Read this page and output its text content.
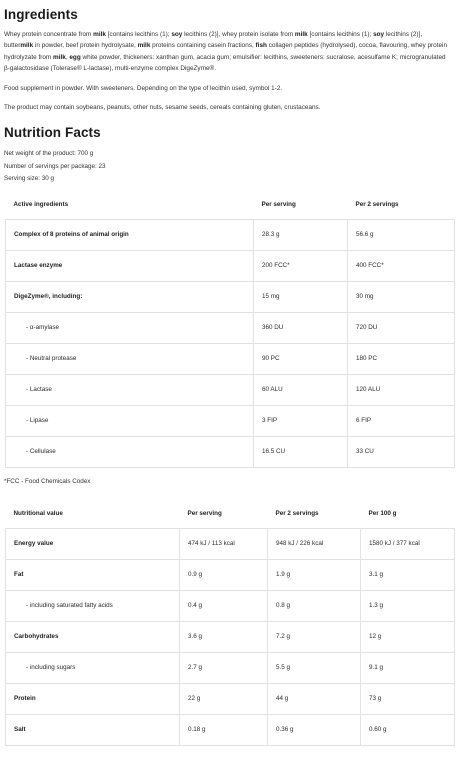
Ingredients

Whey protein concentrate from milk [contains lecithins (1); soy lecithins (2)], whey protein isolate from milk [contains lecithins (1); soy lecithins (2)], buttermilk in powder, beef protein hydrolysate, milk proteins containing casein fractions, fish collagen peptides (hydrolysed), cocoa, flavouring, whey protein hydrolyzate from milk, egg white powder, thickeners: xanthan gum, acacia gum; emulsifier: lecithins, sweeteners: sucralose, acesulfame K; microgranulated β-galactosidase (Tolerase® L-lactase), multi-enzyme complex DigeZyme®.

Food supplement in powder. With sweeteners. Depending on the type of lecithin used, symbol 1-2.

The product may contain soybeans, peanuts, other nuts, sesame seeds, cereals containing gluten, crustaceans.

Nutrition Facts
Net weight of the product: 700 g
Number of servings per package: 23
Serving size: 30 g
Active ingredients	Per serving	Per 2 servings
Complex of 8 proteins of animal origin	28.3 g	56.6 g
Lactase enzyme	200 FCC*	400 FCC*
DigeZyme®, including:	15 mg	30 mg
- α-amylase	360 DU	720 DU
- Neutral protease	90 PC	180 PC
- Lactase	60 ALU	120 ALU
- Lipase	3 FIP	6 FIP
- Cellulase	16.5 CU	33 CU

*FCC - Food Chemicals Codex

Nutritional value	Per serving	Per 2 servings	Per 100 g
Energy value	474 kJ / 113 kcal	948 kJ / 226 kcal	1580 kJ / 377 kcal
Fat	0.9 g	1.9 g	3.1 g
- including saturated fatty acids	0.4 g	0.8 g	1.3 g
Carbohydrates	3.6 g	7.2 g	12 g
- including sugars	2.7 g	5.5 g	9.1 g
Protein	22 g	44 g	73 g
Salt	0.18 g	0.36 g	0.60 g
